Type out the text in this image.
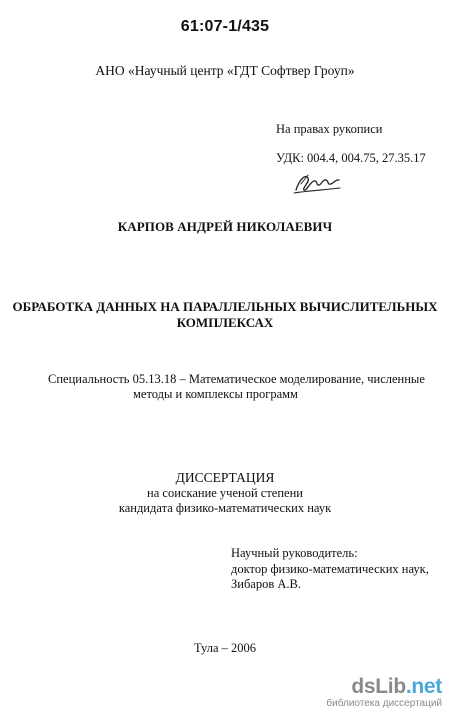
61:07-1/435
АНО «Научный центр «ГДТ Софтвер Гроуп»
На правах рукописи
УДК: 004.4, 004.75, 27.35.17
КАРПОВ АНДРЕЙ НИКОЛАЕВИЧ
ОБРАБОТКА ДАННЫХ НА ПАРАЛЛЕЛЬНЫХ ВЫЧИСЛИТЕЛЬНЫХ
КОМПЛЕКСАХ
Специальность 05.13.18 – Математическое моделирование, численные
методы и комплексы программ
ДИССЕРТАЦИЯ
на соискание ученой степени
кандидата физико-математических наук
Научный руководитель:
доктор физико-математических наук,
Зибаров А.В.
Тула – 2006
dsLib.net
библиотека диссертаций
